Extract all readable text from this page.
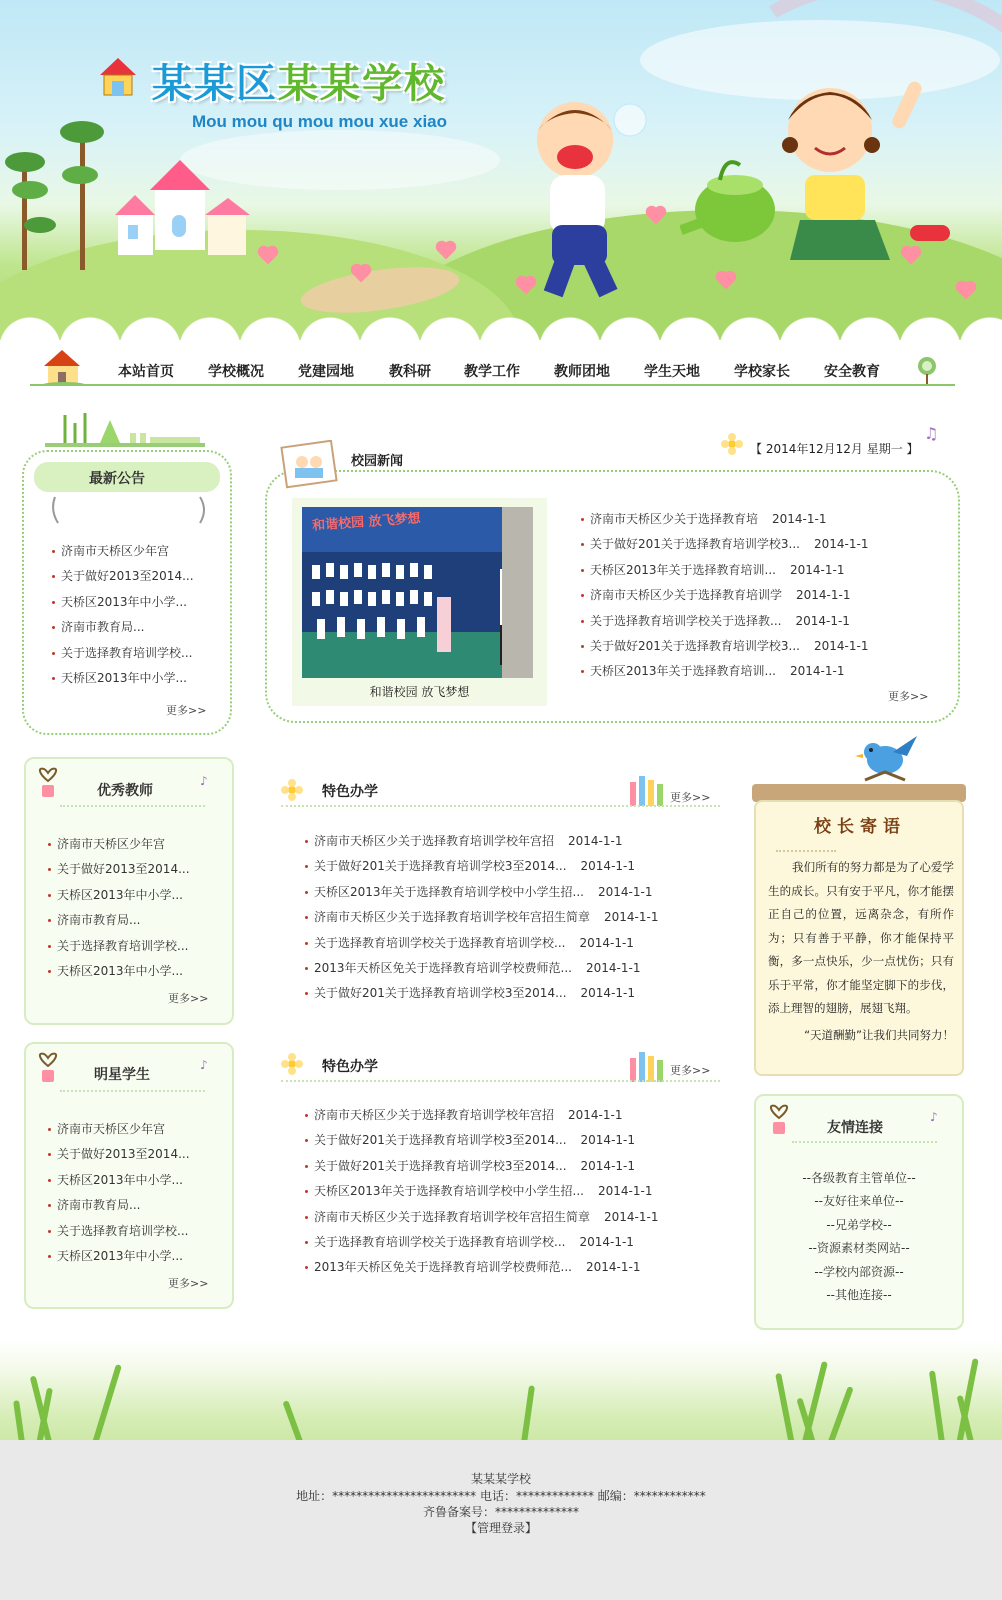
某某区某某学校
Mou mou qu mou mou xue xiao
最新公告
济南市天桥区少年宫
关于做好2013至2014...
天桥区2013年中小学...
济南市教育局...
关于选择教育培训学校...
天桥区2013年中小学...
更多>>
优秀教师
♪
济南市天桥区少年宫
关于做好2013至2014...
天桥区2013年中小学...
济南市教育局...
关于选择教育培训学校...
天桥区2013年中小学...
更多>>
明星学生
♪
济南市天桥区少年宫
关于做好2013至2014...
天桥区2013年中小学...
济南市教育局...
关于选择教育培训学校...
天桥区2013年中小学...
更多>>
【 2014年12月12月 星期一 】
♫
校园新闻
和谐校园 放飞梦想
和谐校园 放飞梦想
济南市天桥区少关于选择教育培 2014-1-1
关于做好201关于选择教育培训学校3... 2014-1-1
天桥区2013年关于选择教育培训... 2014-1-1
济南市天桥区少关于选择教育培训学 2014-1-1
关于选择教育培训学校关于选择教... 2014-1-1
关于做好201关于选择教育培训学校3... 2014-1-1
天桥区2013年关于选择教育培训... 2014-1-1
更多>>
特色办学	更多>>
济南市天桥区少关于选择教育培训学校年宫招 2014-1-1
关于做好201关于选择教育培训学校3至2014... 2014-1-1
天桥区2013年关于选择教育培训学校中小学生招... 2014-1-1
济南市天桥区少关于选择教育培训学校年宫招生简章 2014-1-1
关于选择教育培训学校关于选择教育培训学校... 2014-1-1
2013年天桥区免关于选择教育培训学校费师范... 2014-1-1
关于做好201关于选择教育培训学校3至2014... 2014-1-1
特色办学	更多>>
济南市天桥区少关于选择教育培训学校年宫招 2014-1-1
关于做好201关于选择教育培训学校3至2014... 2014-1-1
关于做好201关于选择教育培训学校3至2014... 2014-1-1
天桥区2013年关于选择教育培训学校中小学生招... 2014-1-1
济南市天桥区少关于选择教育培训学校年宫招生简章 2014-1-1
关于选择教育培训学校关于选择教育培训学校... 2014-1-1
2013年天桥区免关于选择教育培训学校费师范... 2014-1-1
校长寄语
我们所有的努力都是为了心爱学生的成长。只有安于平凡，你才能摆正自己的位置，远离杂念，有所作为；只有善于平静，你才能保持平衡，多一点快乐，少一点忧伤；只有乐于平常，你才能坚定脚下的步伐，添上理智的翅膀，展翅飞翔。
“天道酬勤”让我们共同努力！
友情连接
♪
--各级教育主管单位--
--友好往来单位--
--兄弟学校--
--资源素材类网站--
--学校内部资源--
--其他连接--
某某某学校
地址：************************ 电话：************* 邮编：************
齐鲁备案号：**************
【管理登录】
本站首页 学校概况 党建园地	教科研 教学工作 教师团地 学生天地 学校家长 安全教育
